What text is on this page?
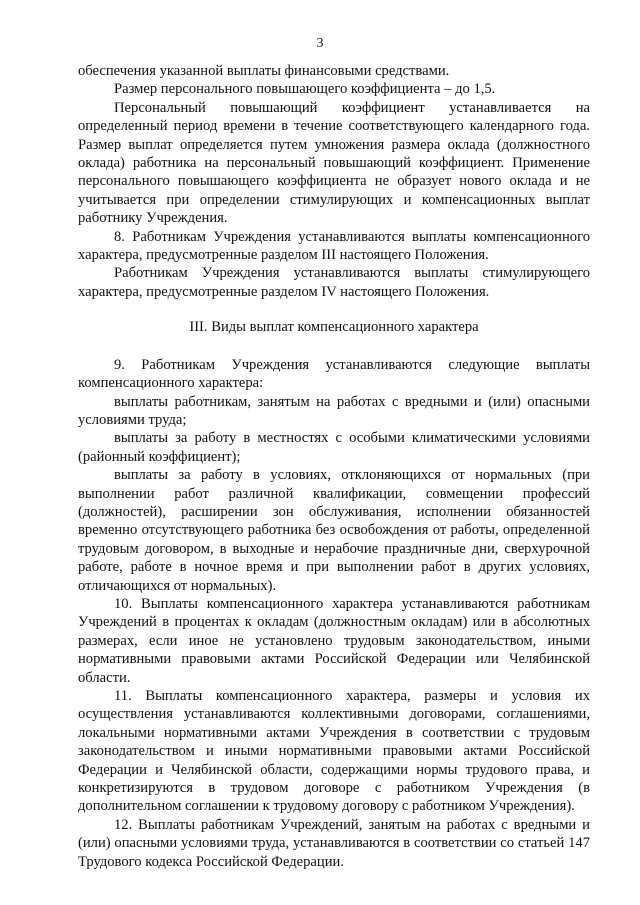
3

обеспечения указанной выплаты финансовыми средствами.

Размер персонального повышающего коэффициента – до 1,5.

Персональный повышающий коэффициент устанавливается на определенный период времени в течение соответствующего календарного года. Размер выплат определяется путем умножения размера оклада (должностного оклада) работника на персональный повышающий коэффициент. Применение персонального повышающего коэффициента не образует нового оклада и не учитывается при определении стимулирующих и компенсационных выплат работнику Учреждения.

8. Работникам Учреждения устанавливаются выплаты компенсационного характера, предусмотренные разделом III настоящего Положения.

Работникам Учреждения устанавливаются выплаты стимулирующего характера, предусмотренные разделом IV настоящего Положения.

III. Виды выплат компенсационного характера

9. Работникам Учреждения устанавливаются следующие выплаты компенсационного характера:

выплаты работникам, занятым на работах с вредными и (или) опасными условиями труда;

выплаты за работу в местностях с особыми климатическими условиями (районный коэффициент);

выплаты за работу в условиях, отклоняющихся от нормальных (при выполнении работ различной квалификации, совмещении профессий (должностей), расширении зон обслуживания, исполнении обязанностей временно отсутствующего работника без освобождения от работы, определенной трудовым договором, в выходные и нерабочие праздничные дни, сверхурочной работе, работе в ночное время и при выполнении работ в других условиях, отличающихся от нормальных).

10. Выплаты компенсационного характера устанавливаются работникам Учреждений в процентах к окладам (должностным окладам) или в абсолютных размерах, если иное не установлено трудовым законодательством, иными нормативными правовыми актами Российской Федерации или Челябинской области.

11. Выплаты компенсационного характера, размеры и условия их осуществления устанавливаются коллективными договорами, соглашениями, локальными нормативными актами Учреждения в соответствии с трудовым законодательством и иными нормативными правовыми актами Российской Федерации и Челябинской области, содержащими нормы трудового права, и конкретизируются в трудовом договоре с работником Учреждения (в дополнительном соглашении к трудовому договору с работником Учреждения).

12. Выплаты работникам Учреждений, занятым на работах с вредными и (или) опасными условиями труда, устанавливаются в соответствии со статьей 147 Трудового кодекса Российской Федерации.
